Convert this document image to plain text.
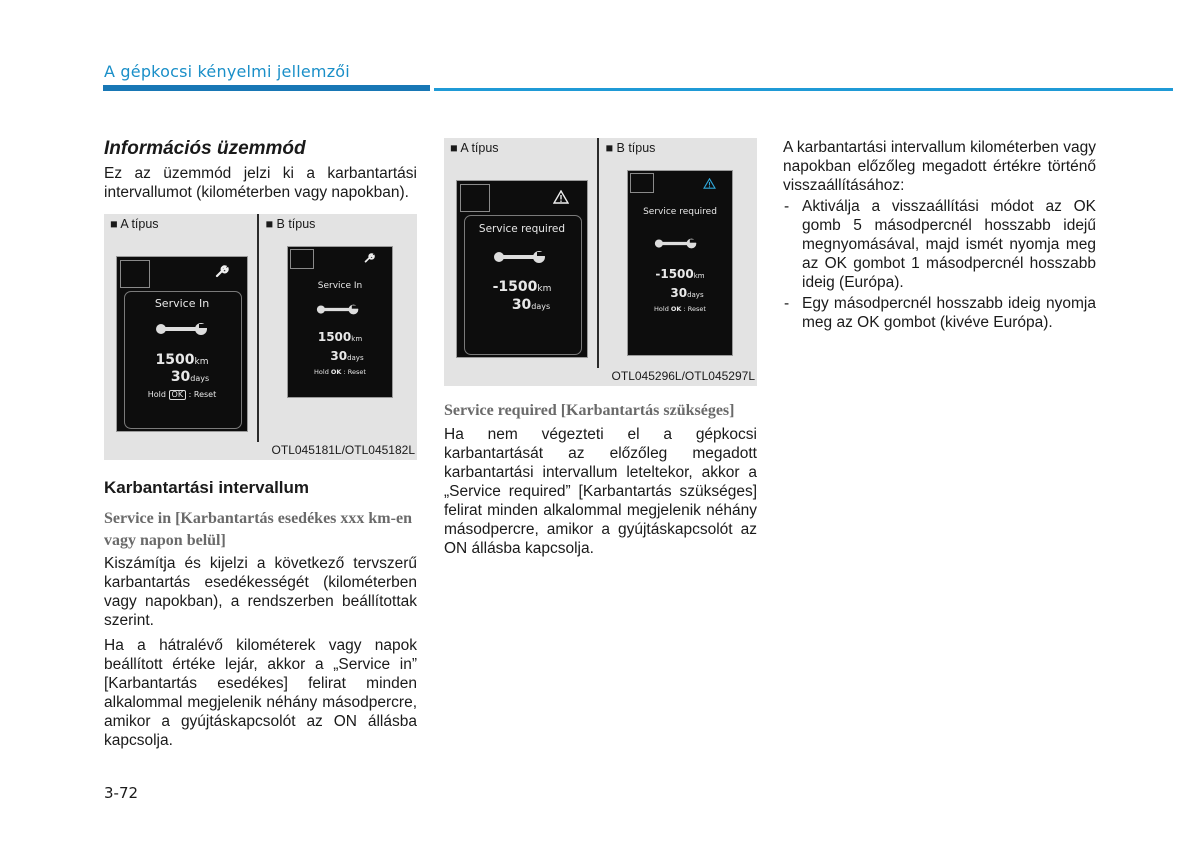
A gépkocsi kényelmi jellemzői
Információs üzemmód

Ez az üzemmód jelzi ki a karbantartási intervallumot (kilométerben vagy napokban).

■ A típus	■ B típus
Service In
1500km
30days
Hold OK : Reset
Service In
1500km
30days
Hold OK : Reset
OTL045181L/OTL045182L
Karbantartási intervallum
Service in [Karbantartás esedékes xxx km-en vagy napon belül]

Kiszámítja és kijelzi a következő tervszerű karbantartás esedékességét (kilométerben vagy napokban), a rendszerben beállítottak szerint.

Ha a hátralévő kilométerek vagy napok beállított értéke lejár, akkor a „Service in” [Karbantartás esedékes] felirat minden alkalommal megjelenik néhány másodpercre, amikor a gyújtáskapcsolót az ON állásba kapcsolja.

■ A típus	■ B típus
Service required
-1500km
30days
Service required
-1500km
30days
Hold OK : Reset
OTL045296L/OTL045297L
Service required [Karbantartás szükséges]

Ha nem végezteti el a gépkocsi karbantartását az előzőleg megadott karbantartási intervallum leteltekor, akkor a „Service required” [Karbantartás szükséges] felirat minden alkalommal megjelenik néhány másodpercre, amikor a gyújtáskapcsolót az ON állásba kapcsolja.

A karbantartási intervallum kilométerben vagy napokban előzőleg megadott értékre történő visszaállításához:

- Aktiválja a visszaállítási módot az OK gomb 5 másodpercnél hosszabb idejű megnyomásával, majd ismét nyomja meg az OK gombot 1 másodpercnél hosszabb ideig (Európa).
- Egy másodpercnél hosszabb ideig nyomja meg az OK gombot (kivéve Európa).
3-72
